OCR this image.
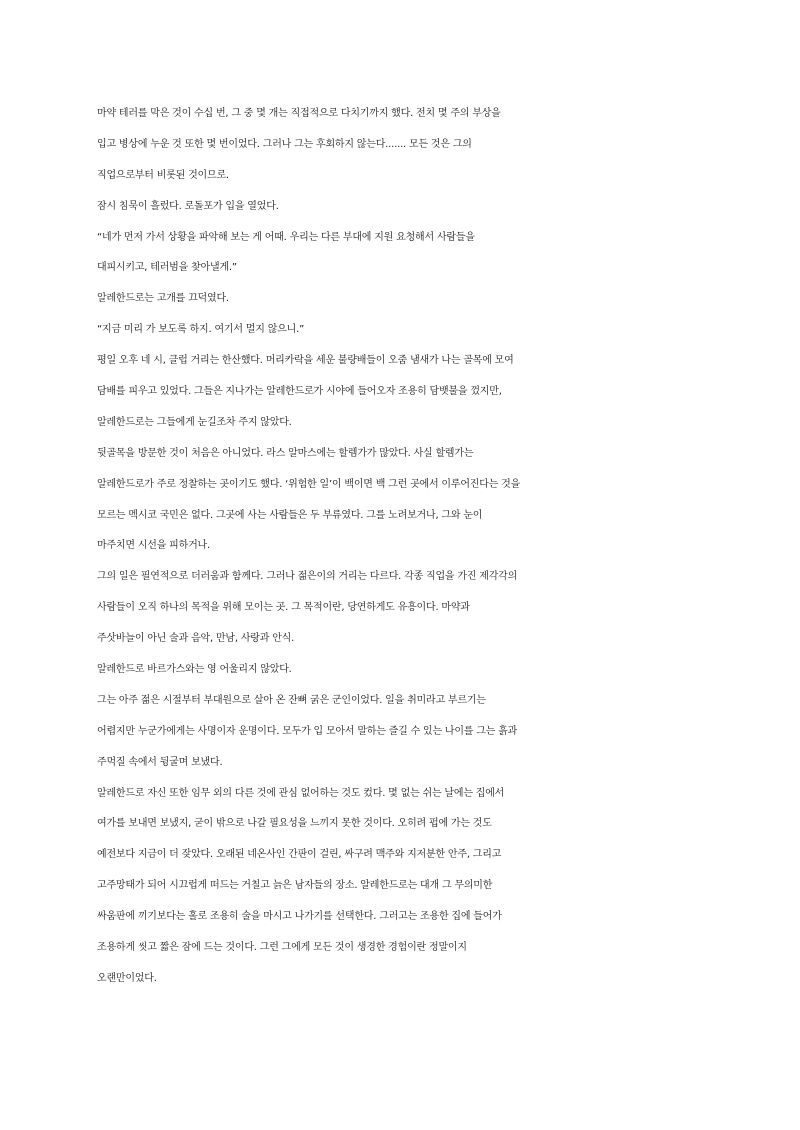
마약 테러를 막은 것이 수십 번, 그 중 몇 개는 직접적으로 다치기까지 했다. 전치 몇 주의 부상을
입고 병상에 누운 것 또한 몇 번이었다. 그러나 그는 후회하지 않는다....... 모든 것은 그의
직업으로부터 비롯된 것이므로.
잠시 침묵이 흘렀다. 로돌포가 입을 열었다.
“네가 먼저 가서 상황을 파악해 보는 게 어때. 우리는 다른 부대에 지원 요청해서 사람들을
대피시키고, 테러범을 찾아낼게.”
알레한드로는 고개를 끄덕였다.
“지금 미리 가 보도록 하지. 여기서 멀지 않으니.”
평일 오후 네 시, 클럽 거리는 한산했다. 머리카락을 세운 불량배들이 오줌 냄새가 나는 골목에 모여
담배를 피우고 있었다. 그들은 지나가는 알레한드로가 시야에 들어오자 조용히 담뱃불을 껐지만,
알레한드로는 그들에게 눈길조차 주지 않았다.
뒷골목을 방문한 것이 처음은 아니었다. 라스 알마스에는 할렘가가 많았다. 사실 할렘가는
알레한드로가 주로 정찰하는 곳이기도 했다. ‘위험한 일’이 백이면 백 그런 곳에서 이루어진다는 것을
모르는 멕시코 국민은 없다. 그곳에 사는 사람들은 두 부류였다. 그를 노려보거나, 그와 눈이
마주치면 시선을 피하거나.
그의 일은 필연적으로 더러움과 함께다. 그러나 젊은이의 거리는 다르다. 각종 직업을 가진 제각각의
사람들이 오직 하나의 목적을 위해 모이는 곳. 그 목적이란, 당연하게도 유흥이다. 마약과
주삿바늘이 아닌 술과 음악, 만남, 사랑과 안식.
알레한드로 바르가스와는 영 어울리지 않았다.
그는 아주 젊은 시절부터 부대원으로 살아 온 잔뼈 굵은 군인이었다. 일을 취미라고 부르기는
어렵지만 누군가에게는 사명이자 운명이다. 모두가 입 모아서 말하는 즐길 수 있는 나이를 그는 흙과
주먹질 속에서 뒹굴며 보냈다.
알레한드로 자신 또한 임무 외의 다른 것에 관심 없어하는 것도 컸다. 몇 없는 쉬는 날에는 집에서
여가를 보내면 보냈지, 굳이 밖으로 나갈 필요성을 느끼지 못한 것이다. 오히려 펍에 가는 것도
예전보다 지금이 더 잦았다. 오래된 네온사인 간판이 걸린, 싸구려 맥주와 지저분한 안주, 그리고
고주망태가 되어 시끄럽게 떠드는 거칠고 늙은 남자들의 장소. 알레한드로는 대개 그 무의미한
싸움판에 끼기보다는 홀로 조용히 술을 마시고 나가기를 선택한다. 그러고는 조용한 집에 들어가
조용하게 씻고 짧은 잠에 드는 것이다. 그런 그에게 모든 것이 생경한 경험이란 정말이지
오랜만이었다.
